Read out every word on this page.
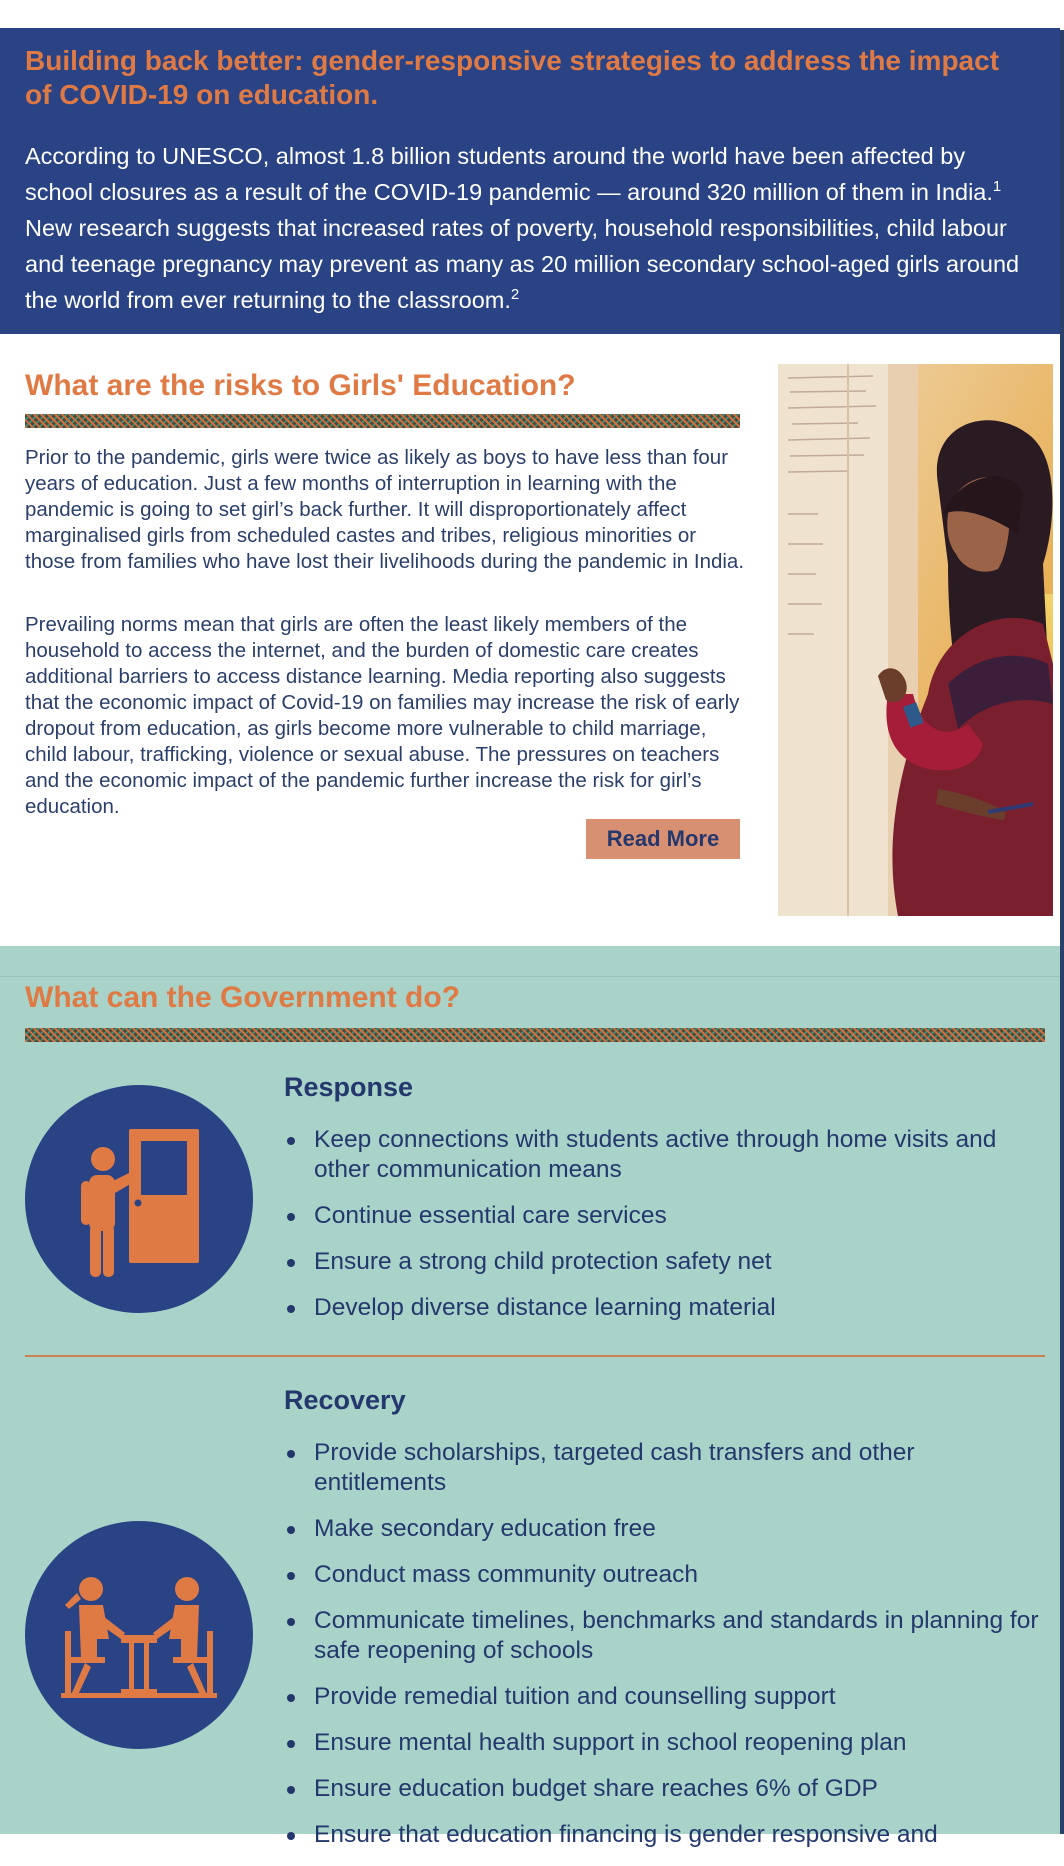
Building back better: gender-responsive strategies to address the impact of COVID-19 on education.

According to UNESCO, almost 1.8 billion students around the world have been affected by school closures as a result of the COVID-19 pandemic — around 320 million of them in India.$^1$ New research suggests that increased rates of poverty, household responsibilities, child labour and teenage pregnancy may prevent as many as 20 million secondary school-aged girls around the world from ever returning to the classroom.$^2$

What are the risks to Girls' Education?

Prior to the pandemic, girls were twice as likely as boys to have less than four years of education. Just a few months of interruption in learning with the pandemic is going to set girl’s back further. It will disproportionately affect marginalised girls from scheduled castes and tribes, religious minorities or those from families who have lost their livelihoods during the pandemic in India.

Prevailing norms mean that girls are often the least likely members of the household to access the internet, and the burden of domestic care creates additional barriers to access distance learning. Media reporting also suggests that the economic impact of Covid-19 on families may increase the risk of early dropout from education, as girls become more vulnerable to child marriage, child labour, trafficking, violence or sexual abuse. The pressures on teachers and the economic impact of the pandemic further increase the risk for girl’s education.

Read More
What can the Government do?
Response
Keep connections with students active through home visits and other communication means
Continue essential care services
Ensure a strong child protection safety net
Develop diverse distance learning material
Recovery
Provide scholarships, targeted cash transfers and other entitlements
Make secondary education free
Conduct mass community outreach
Communicate timelines, benchmarks and standards in planning for safe reopening of schools
Provide remedial tuition and counselling support
Ensure mental health support in school reopening plan
Ensure education budget share reaches 6% of GDP
Ensure that education financing is gender responsive and
